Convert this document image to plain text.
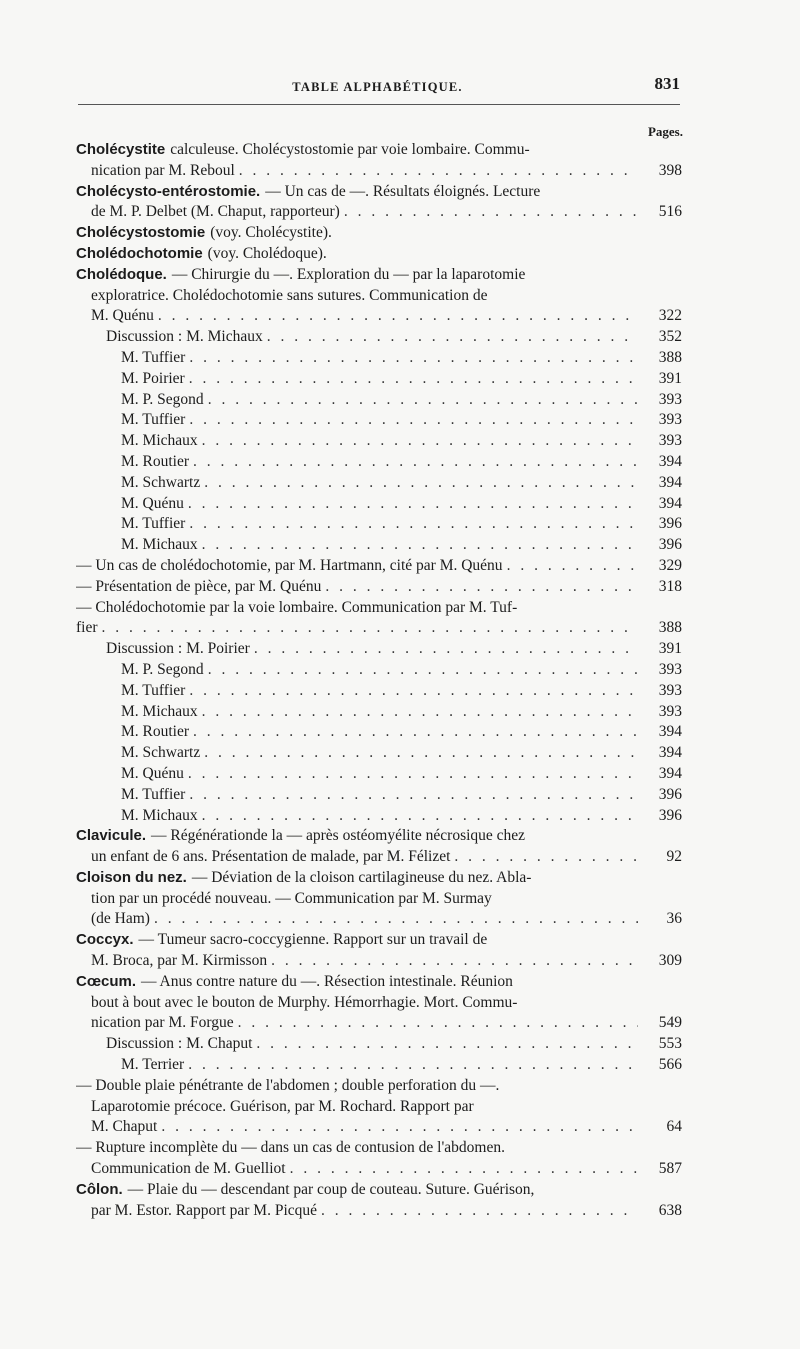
TABLE ALPHABÉTIQUE.	831
Pages.
Cholécystite calculeuse. Cholécystostomie par voie lombaire. Commu-
nication par M. Reboul . . .	398
Cholécysto-entérostomie. — Un cas de —. Résultats éloignés. Lecture
de M. P. Delbet (M. Chaput, rapporteur) . . .	516
Cholécystostomie (voy. Cholécystite).
Cholédochotomie (voy. Cholédoque).
Cholédoque. — Chirurgie du —. Exploration du — par la laparotomie
exploratrice. Cholédochotomie sans sutures. Communication de
M. Quénu . . .	322
Discussion : M. Michaux . . .	352
M. Tuffier . . .	388
M. Poirier . . .	391
M. P. Segond . . .	393
M. Tuffier . . .	393
M. Michaux . . .	393
M. Routier . . .	394
M. Schwartz . . .	394
M. Quénu . . .	394
M. Tuffier . . .	396
M. Michaux . . .	396
— Un cas de cholédochotomie, par M. Hartmann, cité par M. Quénu . . .	329
— Présentation de pièce, par M. Quénu . . .	318
— Cholédochotomie par la voie lombaire. Communication par M. Tuf-
fier . . .	388
Discussion : M. Poirier . . .	391
M. P. Segond . . .	393
M. Tuffier . . .	393
M. Michaux . . .	393
M. Routier . . .	394
M. Schwartz . . .	394
M. Quénu . . .	394
M. Tuffier . . .	396
M. Michaux . . .	396
Clavicule. — Régénérationde la — après ostéomyélite nécrosique chez
un enfant de 6 ans. Présentation de malade, par M. Félizet . . .	92
Cloison du nez. — Déviation de la cloison cartilagineuse du nez. Abla-
tion par un procédé nouveau. — Communication par M. Surmay
(de Ham) . . .	36
Coccyx. — Tumeur sacro-coccygienne. Rapport sur un travail de
M. Broca, par M. Kirmisson . . .	309
Cœcum. — Anus contre nature du —. Résection intestinale. Réunion
bout à bout avec le bouton de Murphy. Hémorrhagie. Mort. Commu-
nication par M. Forgue . . .	549
Discussion : M. Chaput . . .	553
M. Terrier . . .	566
— Double plaie pénétrante de l'abdomen ; double perforation du —.
Laparotomie précoce. Guérison, par M. Rochard. Rapport par
M. Chaput . . .	64
— Rupture incomplète du — dans un cas de contusion de l'abdomen.
Communication de M. Guelliot . . .	587
Côlon. — Plaie du — descendant par coup de couteau. Suture. Guérison,
par M. Estor. Rapport par M. Picqué . . .	638
